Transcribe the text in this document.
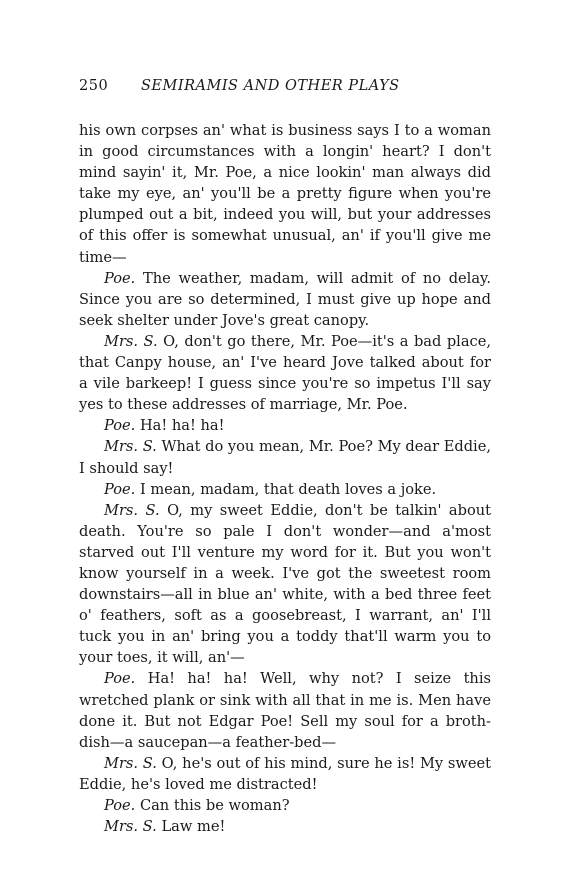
250 SEMIRAMIS AND OTHER PLAYS

his own corpses an' what is business says I to a woman in good circumstances with a longin' heart? I don't mind sayin' it, Mr. Poe, a nice lookin' man always did take my eye, an' you'll be a pretty figure when you're plumped out a bit, indeed you will, but your addresses of this offer is somewhat unusual, an' if you'll give me time—

Poe. The weather, madam, will admit of no delay. Since you are so determined, I must give up hope and seek shelter under Jove's great canopy.

Mrs. S. O, don't go there, Mr. Poe—it's a bad place, that Canpy house, an' I've heard Jove talked about for a vile barkeep! I guess since you're so impetus I'll say yes to these addresses of marriage, Mr. Poe.

Poe. Ha! ha! ha!

Mrs. S. What do you mean, Mr. Poe? My dear Eddie, I should say!

Poe. I mean, madam, that death loves a joke.

Mrs. S. O, my sweet Eddie, don't be talkin' about death. You're so pale I don't wonder—and a'most starved out I'll venture my word for it. But you won't know yourself in a week. I've got the sweetest room downstairs—all in blue an' white, with a bed three feet o' feathers, soft as a goosebreast, I warrant, an' I'll tuck you in an' bring you a toddy that'll warm you to your toes, it will, an'—

Poe. Ha! ha! ha! Well, why not? I seize this wretched plank or sink with all that in me is. Men have done it. But not Edgar Poe! Sell my soul for a broth-dish—a saucepan—a feather-bed—

Mrs. S. O, he's out of his mind, sure he is! My sweet Eddie, he's loved me distracted!

Poe. Can this be woman?

Mrs. S. Law me!
